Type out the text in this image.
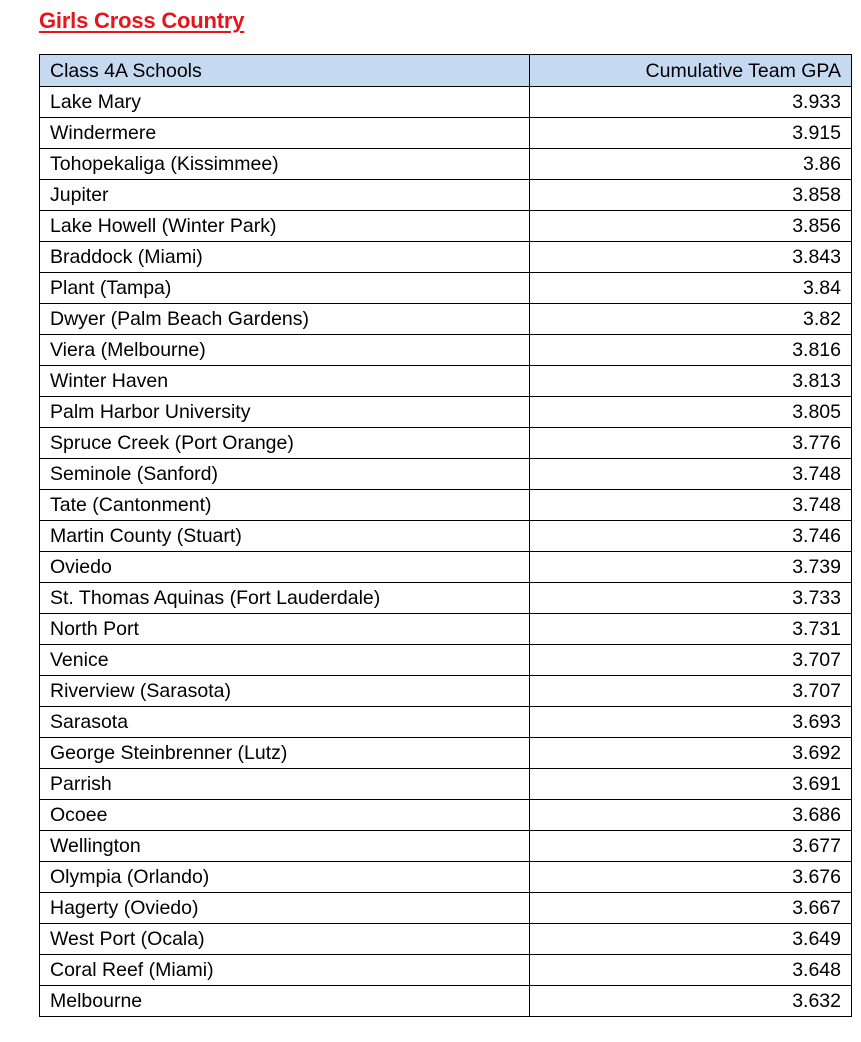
Girls Cross Country
Class 4A Schools	Cumulative Team GPA
Lake Mary	3.933
Windermere	3.915
Tohopekaliga (Kissimmee)	3.86
Jupiter	3.858
Lake Howell (Winter Park)	3.856
Braddock (Miami)	3.843
Plant (Tampa)	3.84
Dwyer (Palm Beach Gardens)	3.82
Viera (Melbourne)	3.816
Winter Haven	3.813
Palm Harbor University	3.805
Spruce Creek (Port Orange)	3.776
Seminole (Sanford)	3.748
Tate (Cantonment)	3.748
Martin County (Stuart)	3.746
Oviedo	3.739
St. Thomas Aquinas (Fort Lauderdale)	3.733
North Port	3.731
Venice	3.707
Riverview (Sarasota)	3.707
Sarasota	3.693
George Steinbrenner (Lutz)	3.692
Parrish	3.691
Ocoee	3.686
Wellington	3.677
Olympia (Orlando)	3.676
Hagerty (Oviedo)	3.667
West Port (Ocala)	3.649
Coral Reef (Miami)	3.648
Melbourne	3.632
